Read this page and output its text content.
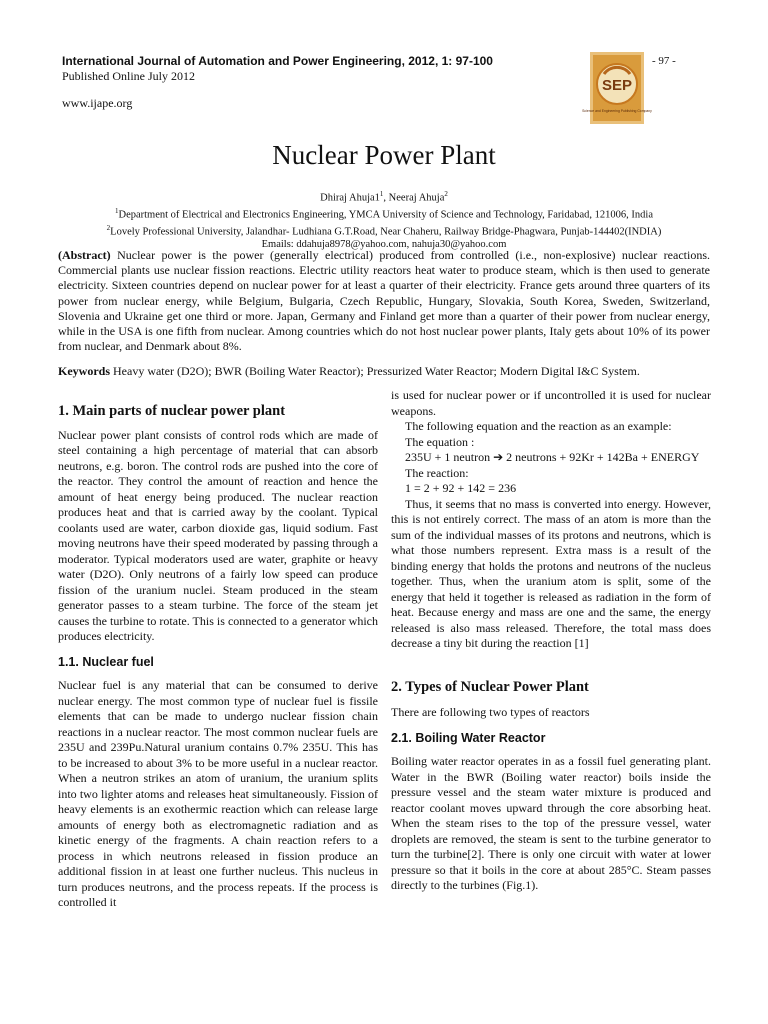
International Journal of Automation and Power Engineering, 2012, 1: 97-100
Published Online July 2012
www.ijape.org
- 97 -
SEP
Science and Engineering Publishing Company
Nuclear Power Plant
Dhiraj $Ahuja1^1$, Neeraj Ahuja$^2$
$^1$Department of Electrical and Electronics Engineering, YMCA University of Science and Technology, Faridabad, 121006, India
$^2$Lovely Professional University, Jalandhar- Ludhiana G.T.Road, Near Chaheru, Railway Bridge-Phagwara, Punjab-144402(INDIA)
Emails: ddahuja8978@yahoo.com, nahuja30@yahoo.com
(Abstract) Nuclear power is the power (generally electrical) produced from controlled (i.e., non-explosive) nuclear reactions. Commercial plants use nuclear fission reactions. Electric utility reactors heat water to produce steam, which is then used to generate electricity. Sixteen countries depend on nuclear power for at least a quarter of their electricity. France gets around three quarters of its power from nuclear energy, while Belgium, Bulgaria, Czech Republic, Hungary, Slovakia, South Korea, Sweden, Switzerland, Slovenia and Ukraine get one third or more. Japan, Germany and Finland get more than a quarter of their power from nuclear energy, while in the USA is one fifth from nuclear. Among countries which do not host nuclear power plants, Italy gets about 10% of its power from nuclear, and Denmark about 8%.
Keywords Heavy water (D2O); BWR (Boiling Water Reactor); Pressurized Water Reactor; Modern Digital I&C System.
1. Main parts of nuclear power plant

Nuclear power plant consists of control rods which are made of steel containing a high percentage of material that can absorb neutrons, e.g. boron. The control rods are pushed into the core of the reactor. They control the amount of reaction and hence the amount of heat energy being produced. The nuclear reaction produces heat and that is carried away by the coolant. Typical coolants used are water, carbon dioxide gas, liquid sodium. Fast moving neutrons have their speed moderated by passing through a moderator. Typical moderators used are water, graphite or heavy water (D2O). Only neutrons of a fairly low speed can produce fission of the uranium nuclei. Steam produced in the steam generator passes to a steam turbine. The force of the steam jet causes the turbine to rotate. This is connected to a generator which produces electricity.

1.1. Nuclear fuel

Nuclear fuel is any material that can be consumed to derive nuclear energy. The most common type of nuclear fuel is fissile elements that can be made to undergo nuclear fission chain reactions in a nuclear reactor. The most common nuclear fuels are 235U and 239Pu.Natural uranium contains 0.7% 235U. This has to be increased to about 3% to be more useful in a nuclear reactor. When a neutron strikes an atom of uranium, the uranium splits into two lighter atoms and releases heat simultaneously. Fission of heavy elements is an exothermic reaction which can release large amounts of energy both as electromagnetic radiation and as kinetic energy of the fragments. A chain reaction refers to a process in which neutrons released in fission produce an additional fission in at least one further nucleus. This nucleus in turn produces neutrons, and the process repeats. If the process is controlled it

is used for nuclear power or if uncontrolled it is used for nuclear weapons.

The following equation and the reaction as an example:

The equation :

235U + 1 neutron ➔ 2 neutrons + 92Kr + 142Ba + ENERGY

The reaction:

1 = 2 + 92 + 142 = 236

Thus, it seems that no mass is converted into energy. However, this is not entirely correct. The mass of an atom is more than the sum of the individual masses of its protons and neutrons, which is what those numbers represent. Extra mass is a result of the binding energy that holds the protons and neutrons of the nucleus together. Thus, when the uranium atom is split, some of the energy that held it together is released as radiation in the form of heat. Because energy and mass are one and the same, the energy released is also mass released. Therefore, the total mass does decrease a tiny bit during the reaction [1]

2. Types of Nuclear Power Plant

There are following two types of reactors

2.1. Boiling Water Reactor

Boiling water reactor operates in as a fossil fuel generating plant. Water in the BWR (Boiling water reactor) boils inside the pressure vessel and the steam water mixture is produced and reactor coolant moves upward through the core absorbing heat. When the steam rises to the top of the pressure vessel, water droplets are removed, the steam is sent to the turbine generator to turn the turbine[2]. There is only one circuit with water at lower pressure so that it boils in the core at about 285°C. Steam passes directly to the turbines (Fig.1).
